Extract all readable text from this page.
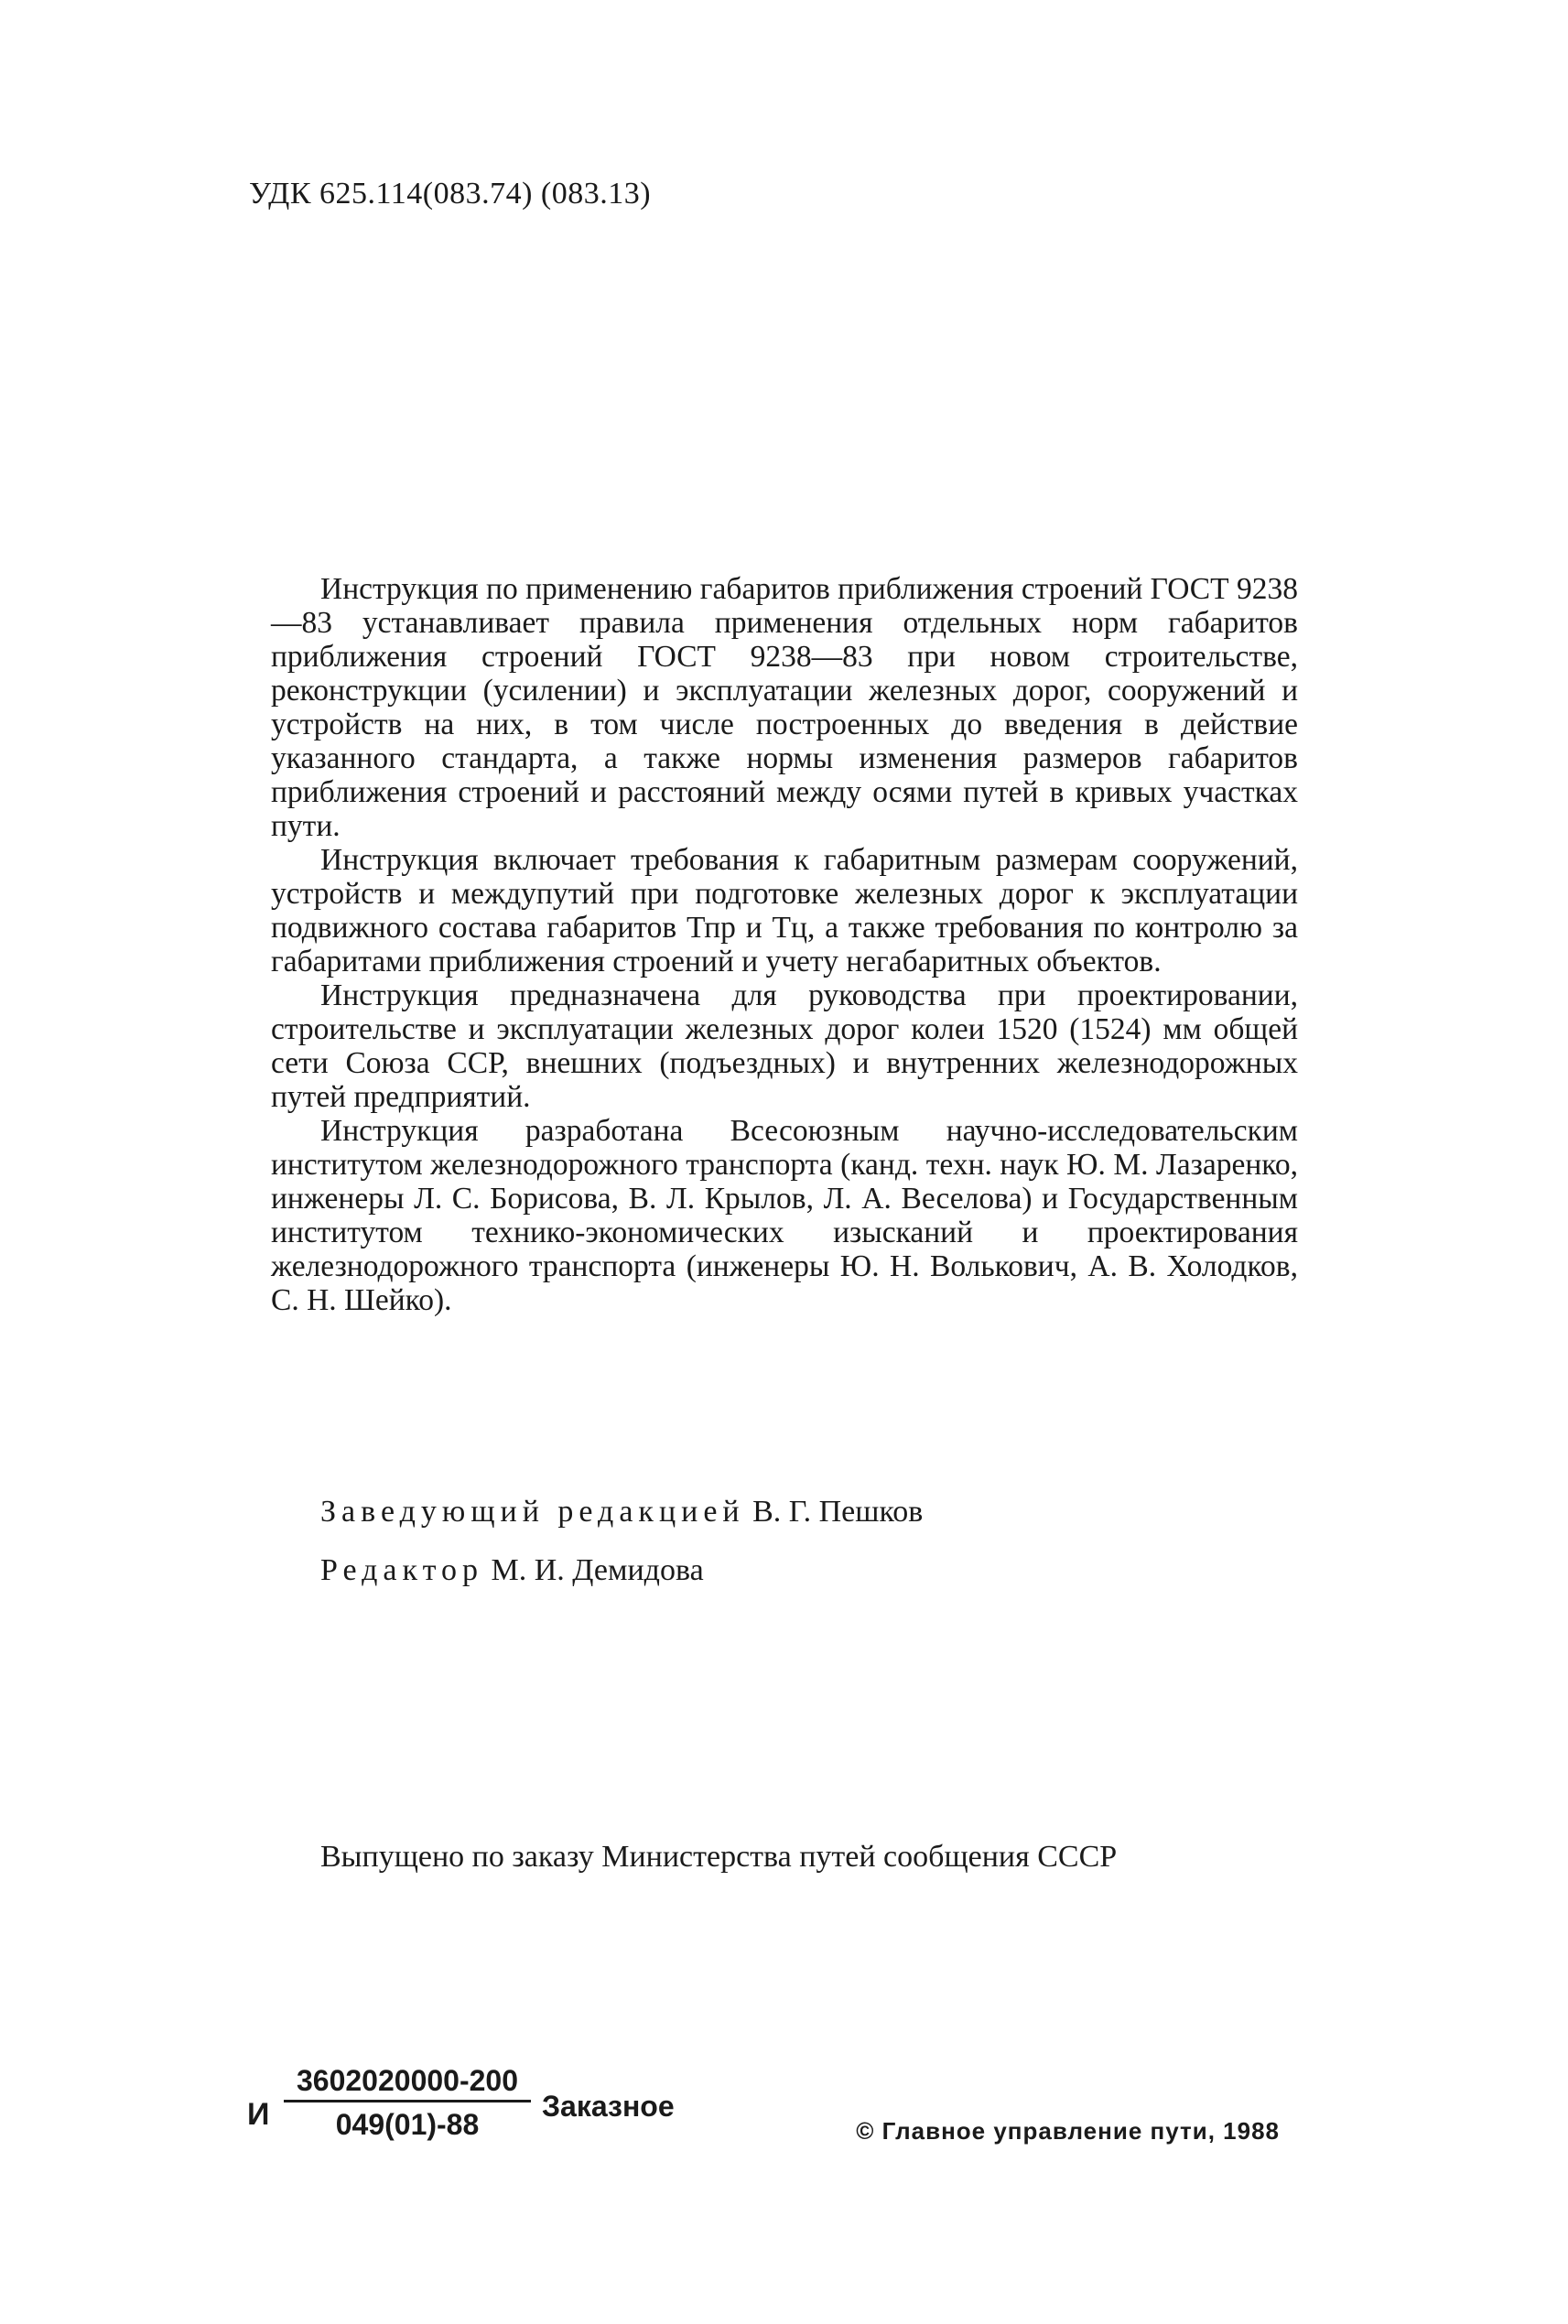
УДК 625.114(083.74) (083.13)

Инструкция по применению габаритов приближения строений ГОСТ 9238—83 устанавливает правила применения отдельных норм габаритов приближения строений ГОСТ 9238—83 при новом строительстве, реконструкции (усилении) и эксплуатации железных дорог, сооружений и устройств на них, в том числе построенных до введения в действие указанного стандарта, а также нормы изменения размеров габаритов приближения строений и расстояний между осями путей в кривых участках пути.

Инструкция включает требования к габаритным размерам сооружений, устройств и междупутий при подготовке железных дорог к эксплуатации подвижного состава габаритов Тпр и Тц, а также требования по контролю за габаритами приближения строений и учету негабаритных объектов.

Инструкция предназначена для руководства при проектировании, строительстве и эксплуатации железных дорог колеи 1520 (1524) мм общей сети Союза ССР, внешних (подъездных) и внутренних железнодорожных путей предприятий.

Инструкция разработана Всесоюзным научно-исследовательским институтом железнодорожного транспорта (канд. техн. наук Ю. М. Лазаренко, инженеры Л. С. Борисова, В. Л. Крылов, Л. А. Веселова) и Государственным институтом технико-экономических изысканий и проектирования железнодорожного транспорта (инженеры Ю. Н. Волькович, А. В. Холодков, С. Н. Шейко).

Заведующий редакцией В. Г. Пешков
Редактор М. И. Демидова
Выпущено по заказу Министерства путей сообщения СССР
И $\frac{3602020000-200}{049(01)-88}$ Заказное
© Главное управление пути, 1988
